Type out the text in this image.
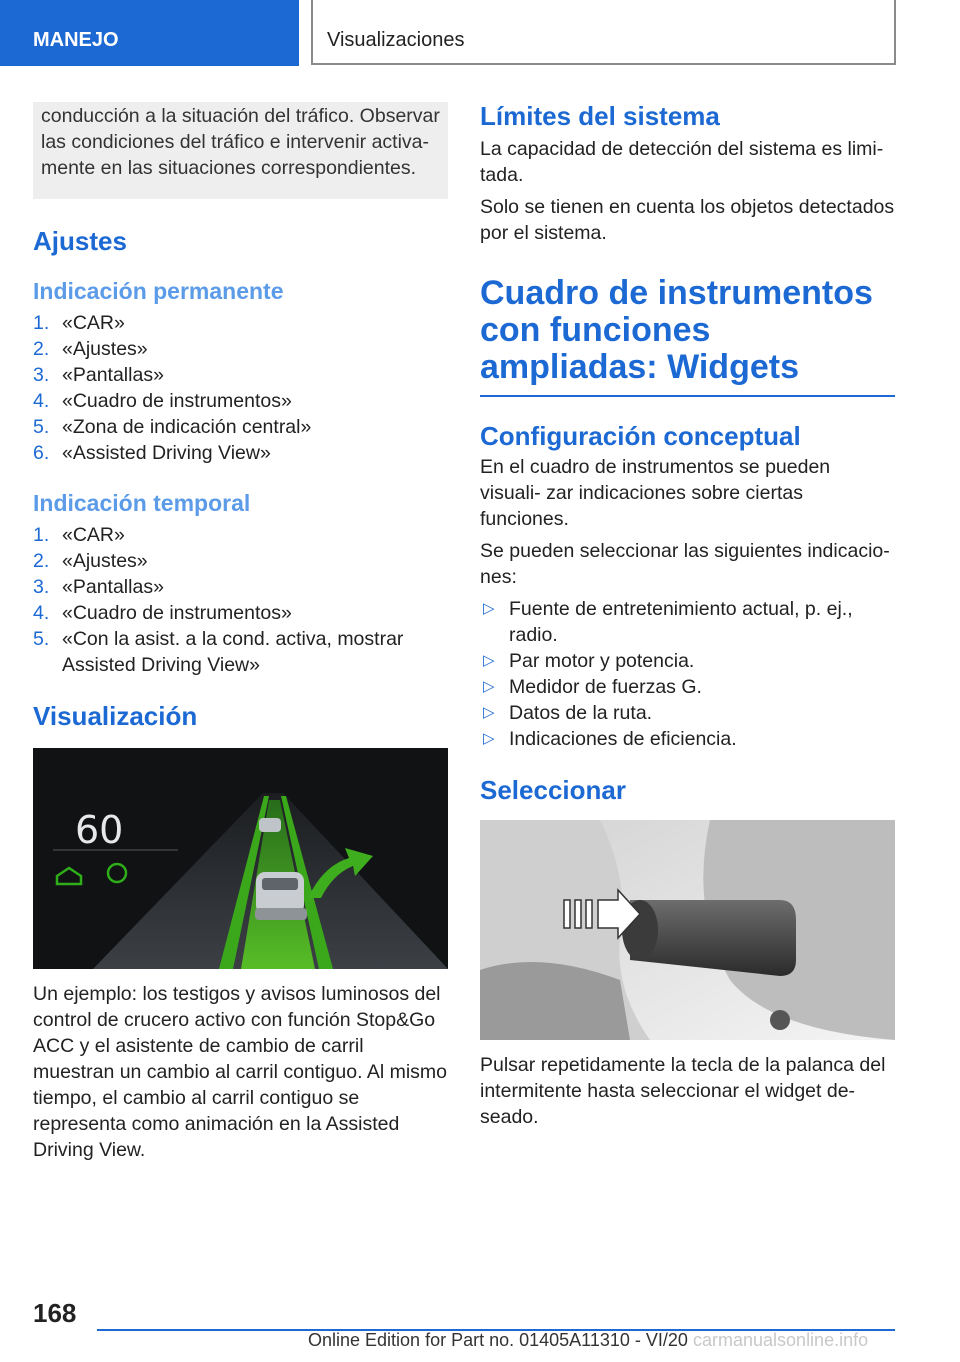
MANEJO	Visualizaciones

conducción a la situación del tráfico. Observar las condiciones del tráfico e intervenir activa‐ mente en las situaciones correspondientes.

Ajustes
Indicación permanente
1. «CAR»
2. «Ajustes»
3. «Pantallas»
4. «Cuadro de instrumentos»
5. «Zona de indicación central»
6. «Assisted Driving View»
Indicación temporal
1. «CAR»
2. «Ajustes»
3. «Pantallas»
4. «Cuadro de instrumentos»
5. «Con la asist. a la cond. activa, mostrar Assisted Driving View»
Visualización
60

Un ejemplo: los testigos y avisos luminosos del control de crucero activo con función Stop&Go ACC y el asistente de cambio de carril muestran un cambio al carril contiguo. Al mismo tiempo, el cambio al carril contiguo se representa como animación en la Assisted Driving View.

Límites del sistema

La capacidad de detección del sistema es limi‐ tada.

Solo se tienen en cuenta los objetos detectados por el sistema.

Cuadro de instrumentos con funciones ampliadas: Widgets
Configuración conceptual

En el cuadro de instrumentos se pueden visuali‐ zar indicaciones sobre ciertas funciones.

Se pueden seleccionar las siguientes indicacio‐ nes:

▷ Fuente de entretenimiento actual, p. ej., radio.
▷ Par motor y potencia.
▷ Medidor de fuerzas G.
▷ Datos de la ruta.
▷ Indicaciones de eficiencia.
Seleccionar

Pulsar repetidamente la tecla de la palanca del intermitente hasta seleccionar el widget de‐ seado.

168
Online Edition for Part no. 01405A11310 - VI/20 carmanualsonline.info
